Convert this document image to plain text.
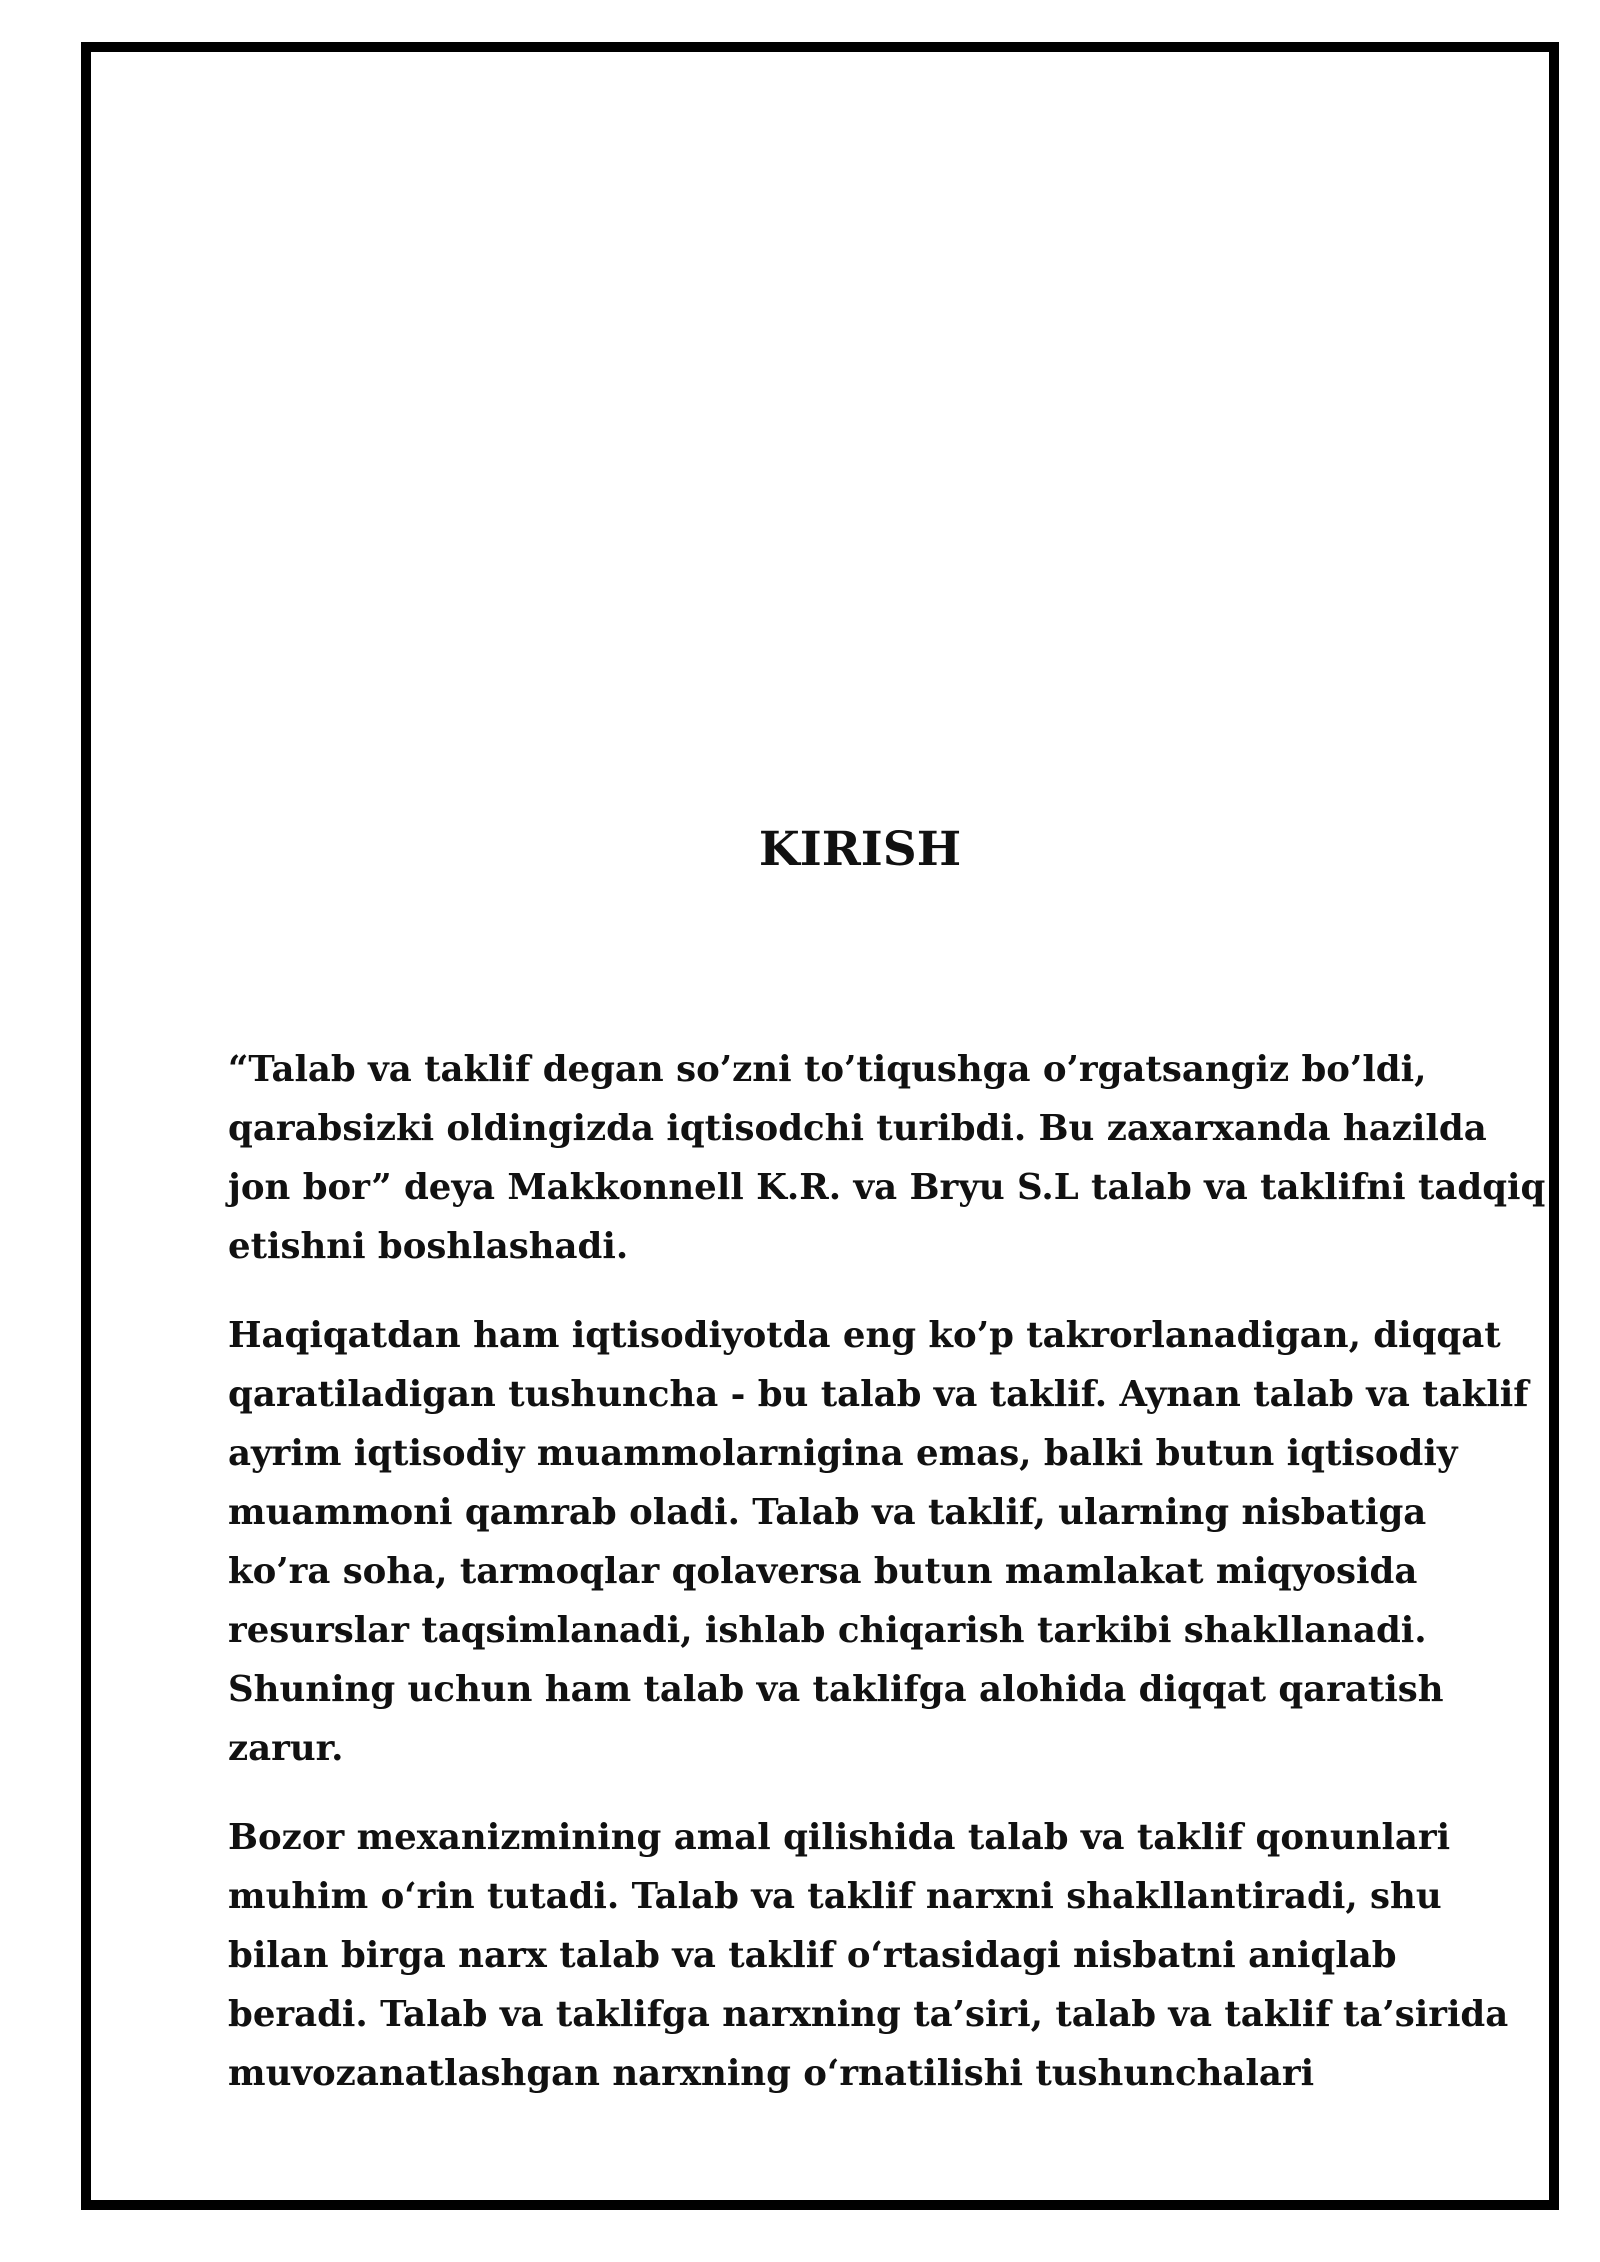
KIRISH

“Talab va taklif degan so’zni to’tiqushga o’rgatsangiz bo’ldi,
qarabsizki oldingizda iqtisodchi turibdi. Bu zaxarxanda hazilda
jon bor” deya Makkonnell K.R. va Bryu S.L talab va taklifni tadqiq
etishni boshlashadi.

Haqiqatdan ham iqtisodiyotda eng ko’p takrorlanadigan, diqqat
qaratiladigan tushuncha - bu talab va taklif. Aynan talab va taklif
ayrim iqtisodiy muammolarnigina emas, balki butun iqtisodiy
muammoni qamrab oladi. Talab va taklif, ularning nisbatiga
ko’ra soha, tarmoqlar qolaversa butun mamlakat miqyosida
resurslar taqsimlanadi, ishlab chiqarish tarkibi shakllanadi.
Shuning uchun ham talab va taklifga alohida diqqat qaratish
zarur.

Bozor mexanizmining amal qilishida talab va taklif qonunlari
muhim o‘rin tutadi. Talab va taklif narxni shakllantiradi, shu
bilan birga narx talab va taklif o‘rtasidagi nisbatni aniqlab
beradi. Talab va taklifga narxning ta’siri, talab va taklif ta’sirida
muvozanatlashgan narxning o‘rnatilishi tushunchalari
